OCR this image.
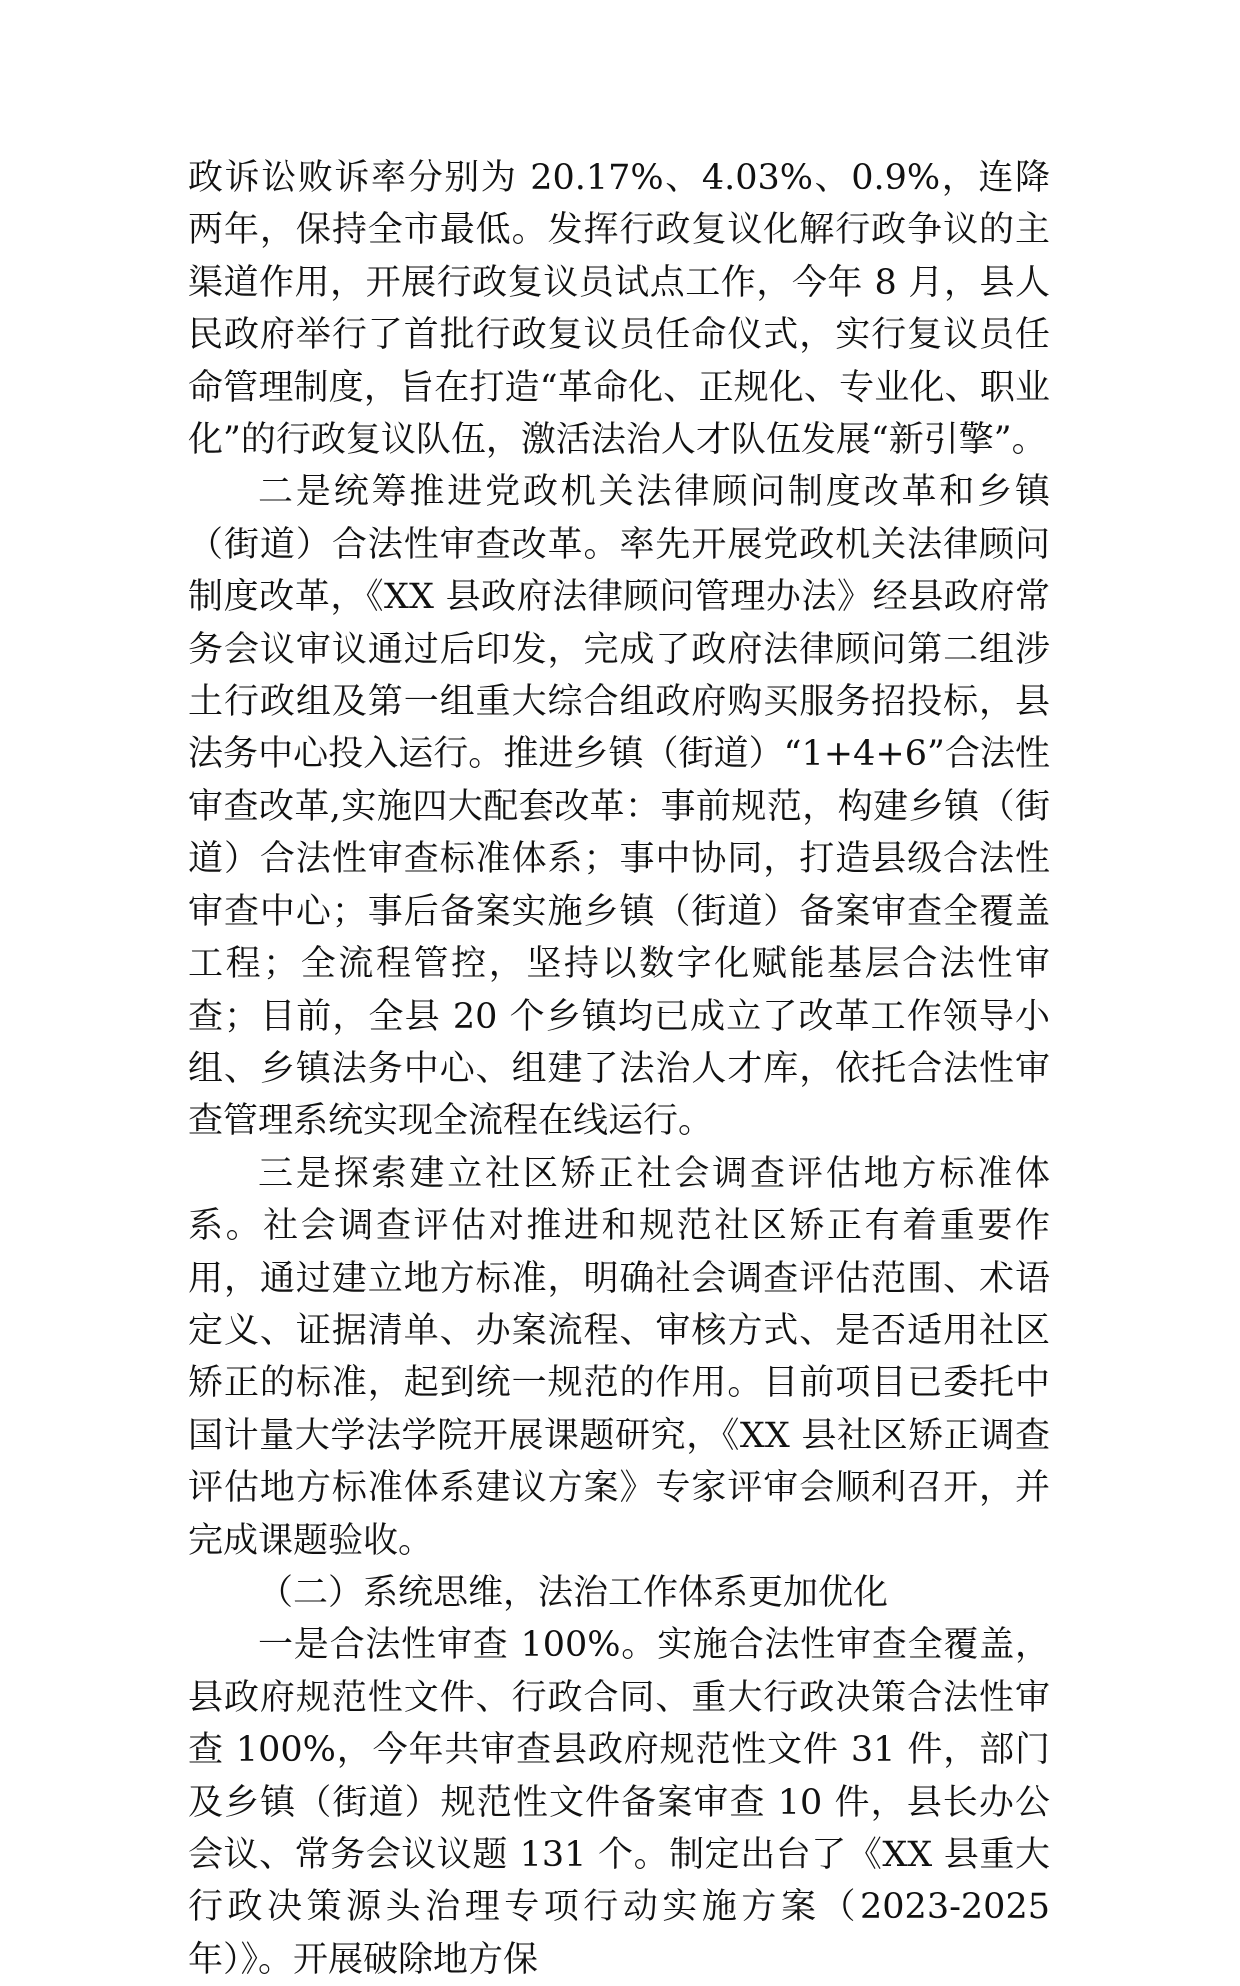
政诉讼败诉率分别为 20.17%、4.03%、0.9%，连降两年，保持全市最低。发挥行政复议化解行政争议的主渠道作用，开展行政复议员试点工作，今年 8 月，县人民政府举行了首批行政复议员任命仪式，实行复议员任命管理制度，旨在打造“革命化、正规化、专业化、职业化”的行政复议队伍，激活法治人才队伍发展“新引擎”。

二是统筹推进党政机关法律顾问制度改革和乡镇（街道）合法性审查改革。率先开展党政机关法律顾问制度改革，《XX 县政府法律顾问管理办法》经县政府常务会议审议通过后印发，完成了政府法律顾问第二组涉土行政组及第一组重大综合组政府购买服务招投标，县法务中心投入运行。推进乡镇（街道）“1+4+6”合法性审查改革,实施四大配套改革：事前规范，构建乡镇（街道）合法性审查标准体系；事中协同，打造县级合法性审查中心；事后备案实施乡镇（街道）备案审查全覆盖工程；全流程管控，坚持以数字化赋能基层合法性审查；目前，全县 20 个乡镇均已成立了改革工作领导小组、乡镇法务中心、组建了法治人才库，依托合法性审查管理系统实现全流程在线运行。

三是探索建立社区矫正社会调查评估地方标准体系。社会调查评估对推进和规范社区矫正有着重要作用，通过建立地方标准，明确社会调查评估范围、术语定义、证据清单、办案流程、审核方式、是否适用社区矫正的标准，起到统一规范的作用。目前项目已委托中国计量大学法学院开展课题研究，《XX 县社区矫正调查评估地方标准体系建议方案》专家评审会顺利召开，并完成课题验收。

（二）系统思维，法治工作体系更加优化

一是合法性审查 100%。实施合法性审查全覆盖，县政府规范性文件、行政合同、重大行政决策合法性审查 100%，今年共审查县政府规范性文件 31 件，部门及乡镇（街道）规范性文件备案审查 10 件，县长办公会议、常务会议议题 131 个。制定出台了《XX 县重大行政决策源头治理专项行动实施方案（2023-2025 年）》。开展破除地方保
